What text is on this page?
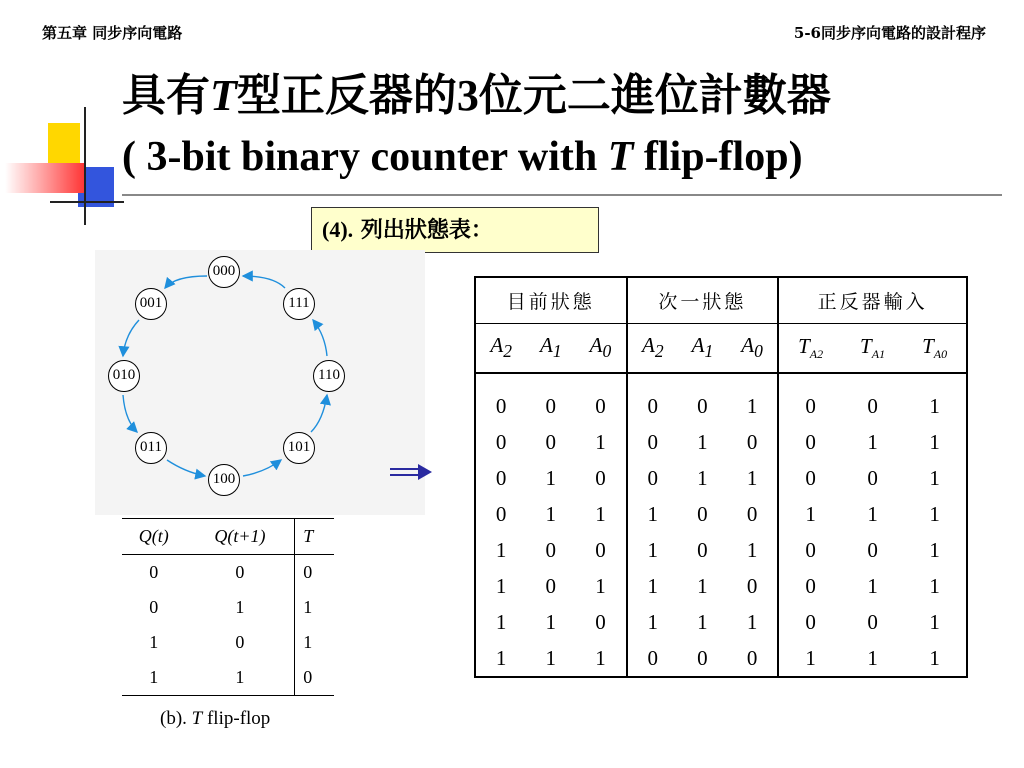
第五章 同步序向電路	5-6同步序向電路的設計程序
具有T型正反器的3位元二進位計數器
( 3-bit binary counter with T flip-flop)
(4). 列出狀態表：
000
111
110
101
100
011
010
001
Q(t)	Q(t+1)	T
0	0	0
0	1	1
1	0	1
1	1	0
(b). T flip-flop
目前狀態			次一狀態			正反器輸入		
$A_2$	$A_1$	$A_0$	$A_2$	$A_1$	$A_0$	$T_{A2}$	$T_{A1}$	$T_{A0}$

0	0	0	0	0	1	0	0	1
0	0	1	0	1	0	0	1	1
0	1	0	0	1	1	0	0	1
0	1	1	1	0	0	1	1	1
1	0	0	1	0	1	0	0	1
1	0	1	1	1	0	0	1	1
1	1	0	1	1	1	0	0	1
1	1	1	0	0	0	1	1	1
